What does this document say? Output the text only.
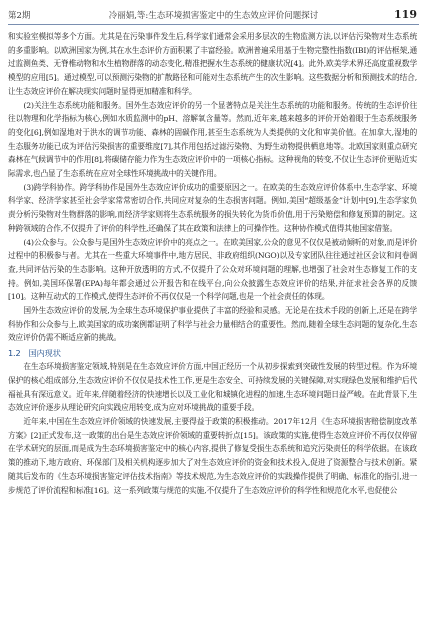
第2期	冷丽娟,等:生态环境损害鉴定中的生态效应评价问题探讨	119

和实验室模拟等多个方面。尤其是在污染事件发生后,科学家们通常会采用多层次的生物监测方法,以评估污染物对生态系统的多重影响。以欧洲国家为例,其在水生态评价方面积累了丰富经验。欧洲普遍采用基于生物完整性指数(IBI)的评估框架,通过监测鱼类、无脊椎动物和水生植物群落的动态变化,精准把握水生态系统的健康状况[4]。此外,欧美学术界还高度重视数学模型的应用[5]。通过模型,可以预测污染物的扩散路径和可能对生态系统产生的次生影响。这些数据分析和预测技术的结合,让生态效应评价在解决现实问题时显得更加精准和科学。

(2)关注生态系统功能和服务。国外生态效应评价的另一个显著特点是关注生态系统的功能和服务。传统的生态评价往往以物理和化学指标为核心,例如水质监测中的pH、溶解氧含量等。然而,近年来,越来越多的评价开始着眼于生态系统服务的变化[6],例如湿地对于洪水的调节功能、森林的固碳作用,甚至生态系统为人类提供的文化和审美价值。在加拿大,湿地的生态服务功能已成为评估污染损害的重要维度[7],其作用包括过滤污染物、为野生动物提供栖息地等。北欧国家则重点研究森林在气候调节中的作用[8],将碳储存能力作为生态效应评价中的一项核心指标。这种视角的转变,不仅让生态评价更贴近实际需求,也凸显了生态系统在应对全球性环境挑战中的关键作用。

(3)跨学科协作。跨学科协作是国外生态效应评价成功的重要原因之一。在欧美的生态效应评价体系中,生态学家、环境科学家、经济学家甚至社会学家常常密切合作,共同应对复杂的生态损害问题。例如,美国“超级基金”计划中[9],生态学家负责分析污染物对生物群落的影响,而经济学家则将生态系统服务的损失转化为货币价值,用于污染赔偿和修复预算的制定。这种跨领域的合作,不仅提升了评价的科学性,还确保了其在政策和法律上的可操作性。这种协作模式值得其他国家借鉴。

(4)公众参与。公众参与是国外生态效应评价中的亮点之一。在欧美国家,公众的意见不仅仅是被动倾听的对象,而是评价过程中的积极参与者。尤其在一些重大环境事件中,地方居民、非政府组织(NGO)以及专家团队往往通过社区会议和问卷调查,共同评估污染的生态影响。这种开放透明的方式,不仅提升了公众对环境问题的理解,也增强了社会对生态修复工作的支持。例如,美国环保署(EPA)每年都会通过公开报告和在线平台,向公众披露生态效应评价的结果,并征求社会各界的反馈[10]。这种互动式的工作模式,使得生态评价不再仅仅是一个科学问题,也是一个社会责任的体现。

国外生态效应评价的发展,为全球生态环境保护事业提供了丰富的经验和灵感。无论是在技术手段的创新上,还是在跨学科协作和公众参与上,欧美国家的成功案例都证明了科学与社会力量相结合的重要性。然而,随着全球生态问题的复杂化,生态效应评价仍需不断适应新的挑战。

1.2 国内现状

在生态环境损害鉴定领域,特别是在生态效应评价方面,中国正经历一个从初步探索到突破性发展的转型过程。作为环境保护的核心组成部分,生态效应评价不仅仅是技术性工作,更是生态安全、可持续发展的关键保障,对实现绿色发展和维护后代福祉具有深远意义。近年来,伴随着经济的快速增长以及工业化和城镇化进程的加速,生态环境问题日益严峻。在此背景下,生态效应评价逐步从理论研究向实践应用转变,成为应对环境挑战的重要手段。

近年来,中国在生态效应评价领域的快速发展,主要得益于政策的积极推动。2017年12月《生态环境损害赔偿制度改革方案》[2]正式发布,这一政策的出台是生态效应评价领域的重要转折点[15]。该政策的实施,使得生态效应评价不再仅仅停留在学术研究的层面,而是成为生态环境损害鉴定中的核心内容,提供了修复受损生态系统和追究污染责任的科学依据。在该政策的推动下,地方政府、环保部门及相关机构逐步加大了对生态效应评价的资金和技术投入,促进了资源整合与技术创新。紧随其后发布的《生态环境损害鉴定评估技术指南》等技术规范,为生态效应评价的实践操作提供了明确、标准化的指引,进一步规范了评价流程和标准[16]。这一系列政策与规范的实施,不仅提升了生态效应评价的科学性和规范化水平,也促使公
